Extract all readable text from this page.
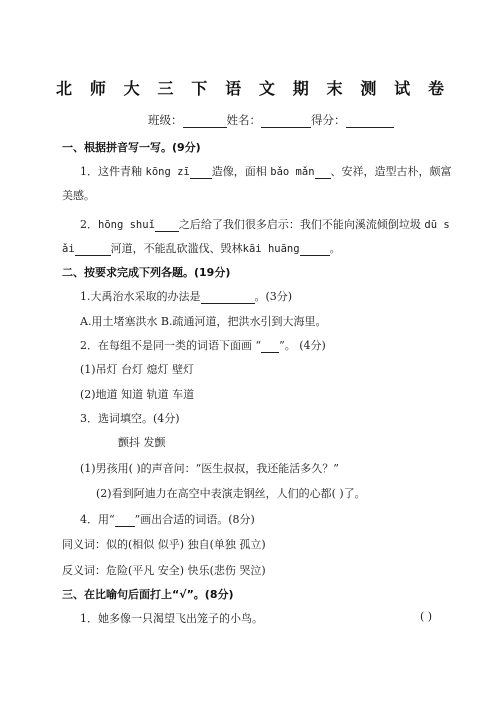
北 师 大 三 下 语 文 期 末 测 试 卷
班级：	姓名：	得分：
一、根据拼音写一写。(9分)
1．这件青釉 kōng zī 造像，面相 bǎo mǎn 、安祥，造型古朴，颇富
美感。
2．hōng shuǐ 之后给了我们很多启示：我们不能向溪流倾倒垃圾 dū s
ǎi	河道，不能乱砍滥伐、毁林kāi huāng	。
二、按要求完成下列各题。(19分)
1.大禹治水采取的办法是	。(3分)
A.用土堵塞洪水 B.疏通河道，把洪水引到大海里。
2．在每组不是同一类的词语下面画 “ ”。 (4分)
(1)吊灯 台灯 熄灯 壁灯
(2)地道 知道 轨道 车道
3．选词填空。(4分)
颤抖 发颤
(1)男孩用( )的声音问：“医生叔叔，我还能活多久？”
(2)看到阿迪力在高空中表演走钢丝，人们的心都( )了。
4．用“ ”画出合适的词语。(8分)
同义词：似的(相似 似乎) 独自(单独 孤立)
反义词：危险(平凡 安全) 快乐(悲伤 哭泣)
三、在比喻句后面打上“√”。(8分)
1．她多像一只渴望飞出笼子的小鸟。	( )
